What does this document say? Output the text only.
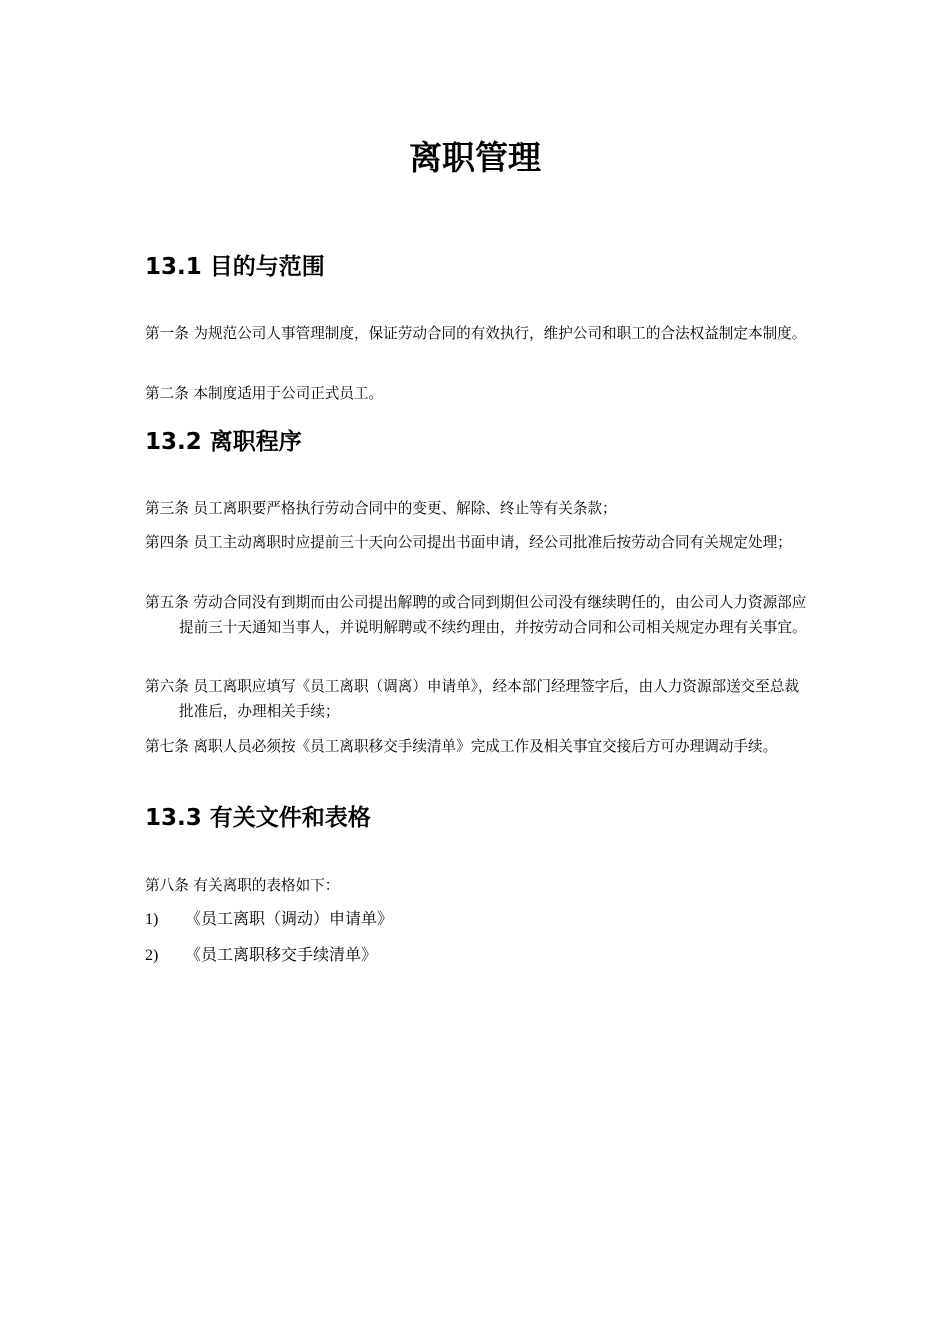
离职管理
13.1 目的与范围

第一条 为规范公司人事管理制度，保证劳动合同的有效执行，维护公司和职工的合法权益制定本制度。

第二条 本制度适用于公司正式员工。

13.2 离职程序

第三条 员工离职要严格执行劳动合同中的变更、解除、终止等有关条款；

第四条 员工主动离职时应提前三十天向公司提出书面申请，经公司批准后按劳动合同有关规定处理；

第五条 劳动合同没有到期而由公司提出解聘的或合同到期但公司没有继续聘任的，由公司人力资源部应提前三十天通知当事人，并说明解聘或不续约理由，并按劳动合同和公司相关规定办理有关事宜。

第六条 员工离职应填写《员工离职（调离）申请单》，经本部门经理签字后，由人力资源部送交至总裁批准后，办理相关手续；

第七条 离职人员必须按《员工离职移交手续清单》完成工作及相关事宜交接后方可办理调动手续。

13.3 有关文件和表格

第八条 有关离职的表格如下：

1) 《员工离职（调动）申请单》
2) 《员工离职移交手续清单》
